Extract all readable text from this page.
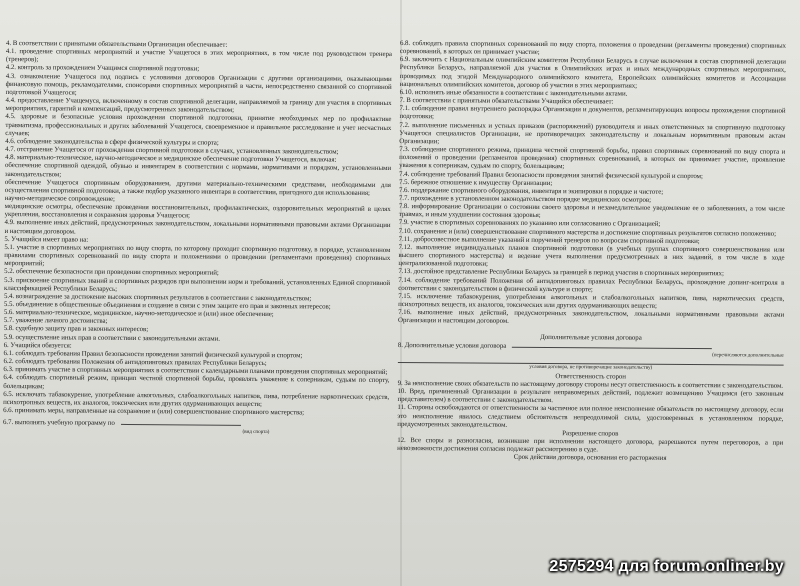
4. В соответствии с принятыми обязательствами Организация обеспечивает:

4.1. проведение спортивных мероприятий и участие Учащегося в этих мероприятиях, в том числе под руководством тренера (тренеров);

4.2. контроль за прохождением Учащимся спортивной подготовки;

4.3. ознакомление Учащегося под подпись с условиями договоров Организации с другими организациями, оказывающими финансовую помощь, рекламодателями, спонсорами спортивных мероприятий в части, непосредственно связанной со спортивной подготовкой Учащегося;

4.4. предоставление Учащемуся, включенному в состав спортивной делегации, направляемой за границу для участия в спортивных мероприятиях, гарантий и компенсаций, предусмотренных законодательством;

4.5. здоровые и безопасные условия прохождения спортивной подготовки, принятие необходимых мер по профилактике травматизма, профессиональных и других заболеваний Учащегося, своевременное и правильное расследование и учет несчастных случаев;

4.6. соблюдение законодательства в сфере физической культуры и спорта;

4.7. отстранение Учащегося от прохождения спортивной подготовки в случаях, установленных законодательством;

4.8. материально-техническое, научно-методическое и медицинское обеспечение подготовки Учащегося, включая:

обеспечение спортивной одеждой, обувью и инвентарем в соответствии с нормами, нормативами и порядком, установленными законодательством;

обеспечение Учащегося спортивным оборудованием, другими материально-техническими средствами, необходимыми для осуществления спортивной подготовки, а также подбор указанного инвентаря в соответствии, пригодного для использования;

научно-методическое сопровождение;

медицинские осмотры, обеспечение проведения восстановительных, профилактических, оздоровительных мероприятий в целях укрепления, восстановления и сохранения здоровья Учащегося;

4.9. выполнение иных действий, предусмотренных законодательством, локальными нормативными правовыми актами Организации и настоящим договором.

5. Учащийся имеет право на:

5.1. участие в спортивных мероприятиях по виду спорта, по которому проходит спортивную подготовку, в порядке, установленном правилами спортивных соревнований по виду спорта и положениями о проведении (регламентами проведения) спортивных мероприятий;

5.2. обеспечение безопасности при проведении спортивных мероприятий;

5.3. присвоение спортивных званий и спортивных разрядов при выполнении норм и требований, установленных Единой спортивной классификацией Республики Беларусь;

5.4. вознаграждение за достижение высоких спортивных результатов в соответствии с законодательством;

5.5. объединение в общественные объединения и создание в связи с этим защите его прав и законных интересов;

5.6. материально-техническое, медицинское, научно-методическое и (или) иное обеспечение;

5.7. уважение личного достоинства;

5.8. судебную защиту прав и законных интересов;

5.9. осуществление иных прав в соответствии с законодательными актами.

6. Учащийся обязуется:

6.1. соблюдать требования Правил безопасности проведения занятий физической культурой и спортом;

6.2. соблюдать требования Положения об антидопинговых правилах Республики Беларусь;

6.3. принимать участие в спортивных мероприятиях в соответствии с календарными планами проведения спортивных мероприятий;

6.4. соблюдать спортивный режим, принцип честной спортивной борьбы, проявлять уважение к соперникам, судьям по спорту, болельщикам;

6.5. исключать табакокурение, употребление алкогольных, слабоалкогольных напитков, пива, потребление наркотических средств, психотропных веществ, их аналогов, токсических или других одурманивающих веществ;

6.6. принимать меры, направленные на сохранение и (или) совершенствование спортивного мастерства;

6.7. выполнять учебную программу по

(вид спорта)

6.8. соблюдать правила спортивных соревнований по виду спорта, положения о проведении (регламенты проведения) спортивных соревнований, в которых он принимает участие;

6.9. заключить с Национальным олимпийским комитетом Республики Беларусь в случае включения в состав спортивной делегации Республики Беларусь, направляемой для участия в Олимпийских играх и иных международных спортивных мероприятиях, проводимых под эгидой Международного олимпийского комитета, Европейских олимпийских комитетов и Ассоциации национальных олимпийских комитетов, договор об участии в этих мероприятиях;

6.10. исполнять иные обязанности в соответствии с законодательными актами.

7. В соответствии с принятыми обязательствами Учащийся обеспечивает:

7.1. соблюдение правил внутреннего распорядка Организации и документов, регламентирующих вопросы прохождения спортивной подготовки;

7.2. выполнение письменных и устных приказов (распоряжений) руководителя и иных ответственных за спортивную подготовку Учащегося специалистов Организации, не противоречащих законодательству и локальным нормативным правовым актам Организации;

7.3. соблюдение спортивного режима, принципа честной спортивной борьбы, правил спортивных соревнований по виду спорта и положений о проведении (регламентов проведения) спортивных соревнований, в которых он принимает участие, проявление уважения к соперникам, судьям по спорту, болельщикам;

7.4. соблюдение требований Правил безопасности проведения занятий физической культурой и спортом;

7.5. бережное отношение к имуществу Организации;

7.6. поддержание спортивного оборудования, инвентаря и экипировки в порядке и чистоте;

7.7. прохождение в установленном законодательством порядке медицинских осмотров;

7.8. информирование Организации о состоянии своего здоровья и незамедлительное уведомление ее о заболеваниях, а том числе травмах, и иным ухудшении состояния здоровья;

7.9. участие в спортивных соревнованиях по указанию или согласованию с Организацией;

7.10. сохранение и (или) совершенствование спортивного мастерства и достижение спортивных результатов согласно положению;

7.11. добросовестное выполнение указаний и поручений тренеров по вопросам спортивной подготовки;

7.12. выполнение индивидуальных планов спортивной подготовки (в учебных группах спортивного совершенствования или высшего спортивного мастерства) и ведение учета выполнения предусмотренных в них заданий, в том числе в ходе централизованной подготовки;

7.13. достойное представление Республики Беларусь за границей в период участия в спортивных мероприятиях;

7.14. соблюдение требований Положения об антидопинговых правилах Республики Беларусь, прохождение допинг-контроля в соответствии с законодательством в физической культуре и спорте;

7.15. исключение табакокурения, употребления алкогольных и слабоалкогольных напитков, пива, наркотических средств, психотропных веществ, их аналогов, токсических или других одурманивающих веществ;

7.16. выполнение иных действий, предусмотренных законодательством, локальными нормативными правовыми актами Организации и настоящим договором.

Дополнительные условия договора

8. Дополнительные условия договора

(перечисляются дополнительные

условия договора, не противоречащие законодательству)

Ответственность сторон

9. За неисполнение своих обязательств по настоящему договору стороны несут ответственность в соответствии с законодательством.

10. Вред, причиненный Организации в результате неправомерных действий, подлежит возмещению Учащимся (его законным представителем) в соответствии с законодательством.

11. Стороны освобождаются от ответственности за частичное или полное неисполнение обязательств по настоящему договору, если это неисполнение явилось следствием обстоятельств непреодолимой силы, удостоверенных в установленном порядке, предусмотренных законодательством.

Разрешение споров

12. Все споры и разногласия, возникшие при исполнении настоящего договора, разрешаются путем переговоров, а при невозможности достижения согласия подлежат рассмотрению в суде.

Срок действия договора, основания его расторжения

2575294 для forum.onliner.by
